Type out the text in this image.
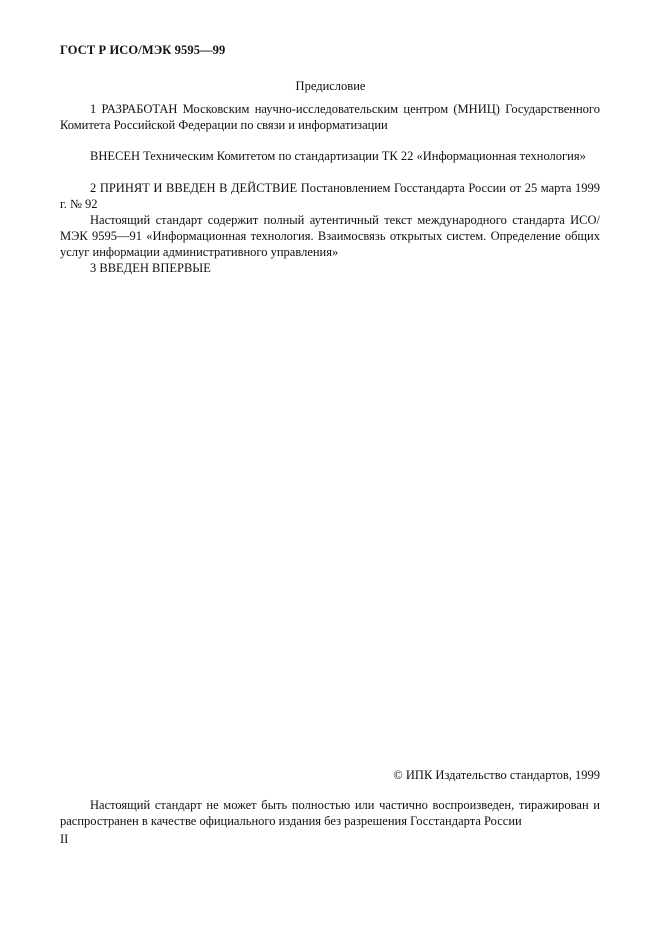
ГОСТ Р ИСО/МЭК 9595—99
Предисловие

1 РАЗРАБОТАН Московским научно-исследовательским центром (МНИЦ) Государственного Комитета Российской Федерации по связи и информатизации

ВНЕСЕН Техническим Комитетом по стандартизации ТК 22 «Информационная технология»

2 ПРИНЯТ И ВВЕДЕН В ДЕЙСТВИЕ Постановлением Госстандарта России от 25 марта 1999 г. № 92

Настоящий стандарт содержит полный аутентичный текст международного стандарта ИСО/МЭК 9595—91 «Информационная технология. Взаимосвязь открытых систем. Определение общих услуг информации административного управления»

3 ВВЕДЕН ВПЕРВЫЕ

© ИПК Издательство стандартов, 1999

Настоящий стандарт не может быть полностью или частично воспроизведен, тиражирован и распространен в качестве официального издания без разрешения Госстандарта России

II
